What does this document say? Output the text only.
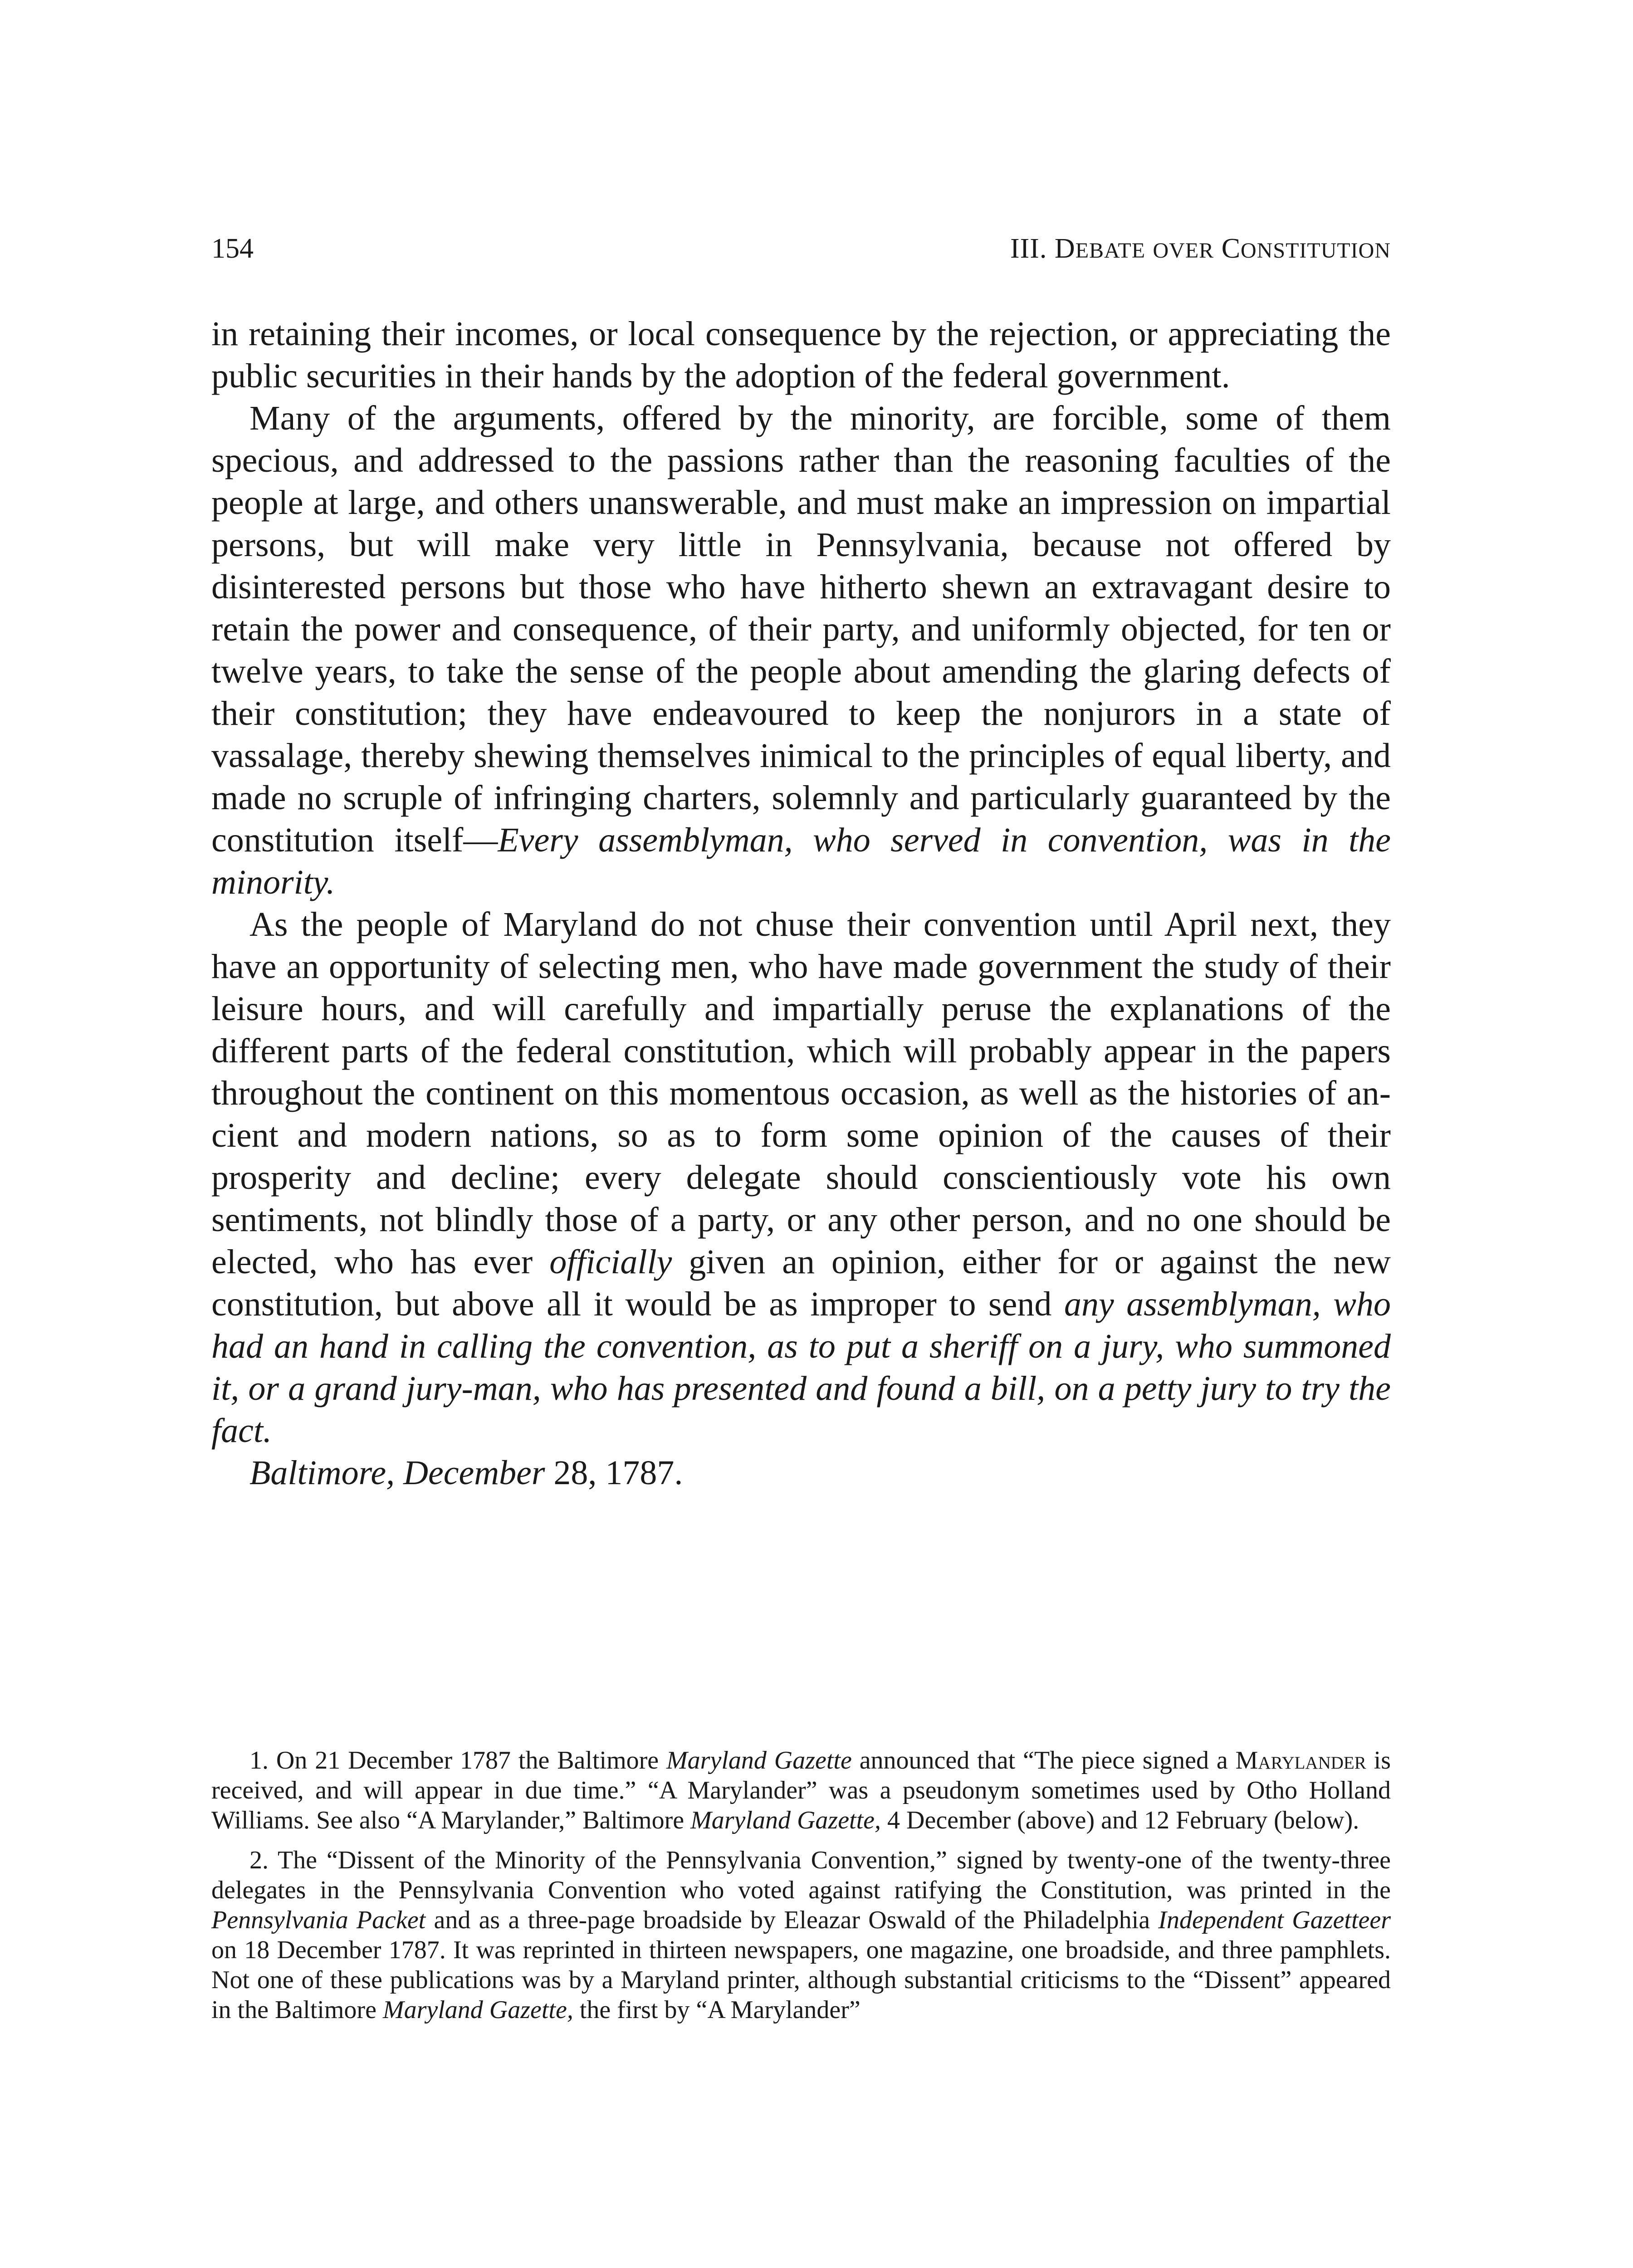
154	III. DEBATE OVER CONSTITUTION

in retaining their incomes, or local consequence by the rejection, or appreciating the public securities in their hands by the adoption of the federal government.

Many of the arguments, offered by the minority, are forcible, some of them specious, and addressed to the passions rather than the reasoning faculties of the people at large, and others unanswerable, and must make an impression on impartial persons, but will make very little in Pennsylvania, because not offered by disinterested persons but those who have hitherto shewn an extravagant desire to retain the power and consequence, of their party, and uniformly objected, for ten or twelve years, to take the sense of the people about amending the glaring defects of their constitution; they have endeavoured to keep the nonjurors in a state of vassalage, thereby shewing themselves inimical to the principles of equal liberty, and made no scruple of infringing charters, solemnly and particularly guaranteed by the constitution itself—Every assemblyman, who served in convention, was in the minority.

As the people of Maryland do not chuse their convention until April next, they have an opportunity of selecting men, who have made government the study of their leisure hours, and will carefully and impartially peruse the explanations of the different parts of the federal constitution, which will probably appear in the papers throughout the continent on this momentous occasion, as well as the histories of ancient and modern nations, so as to form some opinion of the causes of their prosperity and decline; every delegate should conscientiously vote his own sentiments, not blindly those of a party, or any other person, and no one should be elected, who has ever officially given an opinion, either for or against the new constitution, but above all it would be as improper to send any assemblyman, who had an hand in calling the convention, as to put a sheriff on a jury, who summoned it, or a grand jury-man, who has presented and found a bill, on a petty jury to try the fact.

Baltimore, December 28, 1787.

1. On 21 December 1787 the Baltimore Maryland Gazette announced that “The piece signed a Marylander is received, and will appear in due time.” “A Marylander” was a pseudonym sometimes used by Otho Holland Williams. See also “A Marylander,” Baltimore Maryland Gazette, 4 December (above) and 12 February (below).

2. The “Dissent of the Minority of the Pennsylvania Convention,” signed by twenty-one of the twenty-three delegates in the Pennsylvania Convention who voted against ratifying the Constitution, was printed in the Pennsylvania Packet and as a three-page broadside by Eleazar Oswald of the Philadelphia Independent Gazetteer on 18 December 1787. It was reprinted in thirteen newspapers, one magazine, one broadside, and three pamphlets. Not one of these publications was by a Maryland printer, although substantial criticisms to the “Dissent” appeared in the Baltimore Maryland Gazette, the first by “A Marylander”
